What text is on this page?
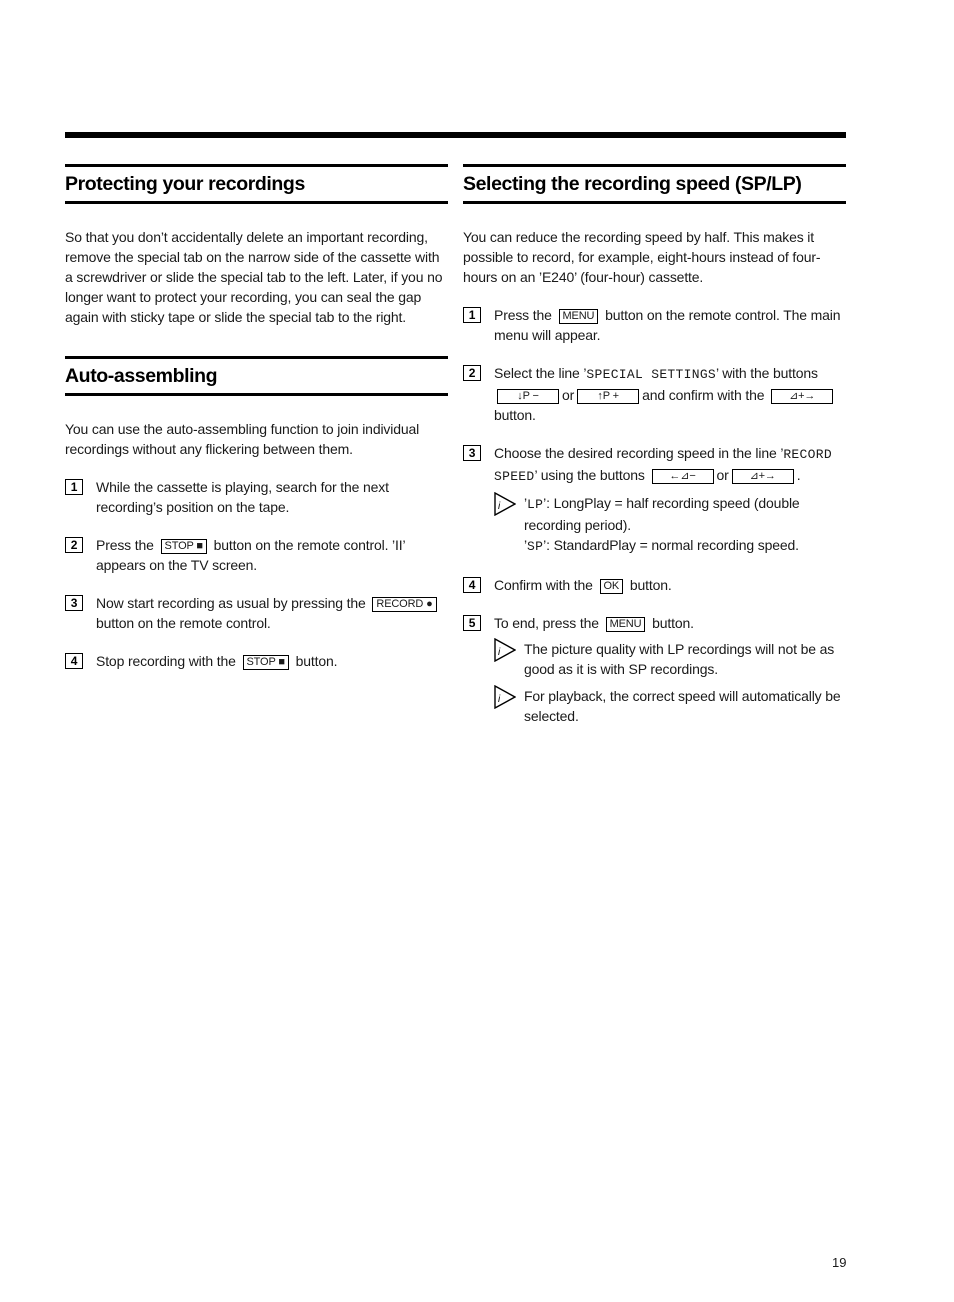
Protecting your recordings

So that you don’t accidentally delete an important recording, remove the special tab on the narrow side of the cassette with a screwdriver or slide the special tab to the left. Later, if you no longer want to protect your recording, you can seal the gap again with sticky tape or slide the special tab to the right.

Auto-assembling

You can use the auto-assembling function to join individual recordings without any flickering between them.

1	While the cassette is playing, search for the next recording’s position on the tape.
2	Press the STOP ■ button on the remote control. ’II’ appears on the TV screen.
3	Now start recording as usual by pressing the RECORD ● button on the remote control.
4	Stop recording with the STOP ■ button.
Selecting the recording speed (SP/LP)

You can reduce the recording speed by half. This makes it possible to record, for example, eight-hours instead of four-hours on an ’E240’ (four-hour) cassette.

1	Press the MENU button on the remote control. The main menu will appear.
2	Select the line ’SPECIAL SETTINGS’ with the buttons ↓P − or ↑P + and confirm with the ⊿+→ button.
3	Choose the desired recording speed in the line ’RECORD SPEED’ using the buttons ←⊿− or ⊿+→ .
i ’LP’: LongPlay = half recording speed (double recording period).
’SP’: StandardPlay = normal recording speed.
4	Confirm with the OK button.
5	To end, press the MENU button.
i The picture quality with LP recordings will not be as good as it is with SP recordings.
i For playback, the correct speed will automatically be selected.
19
